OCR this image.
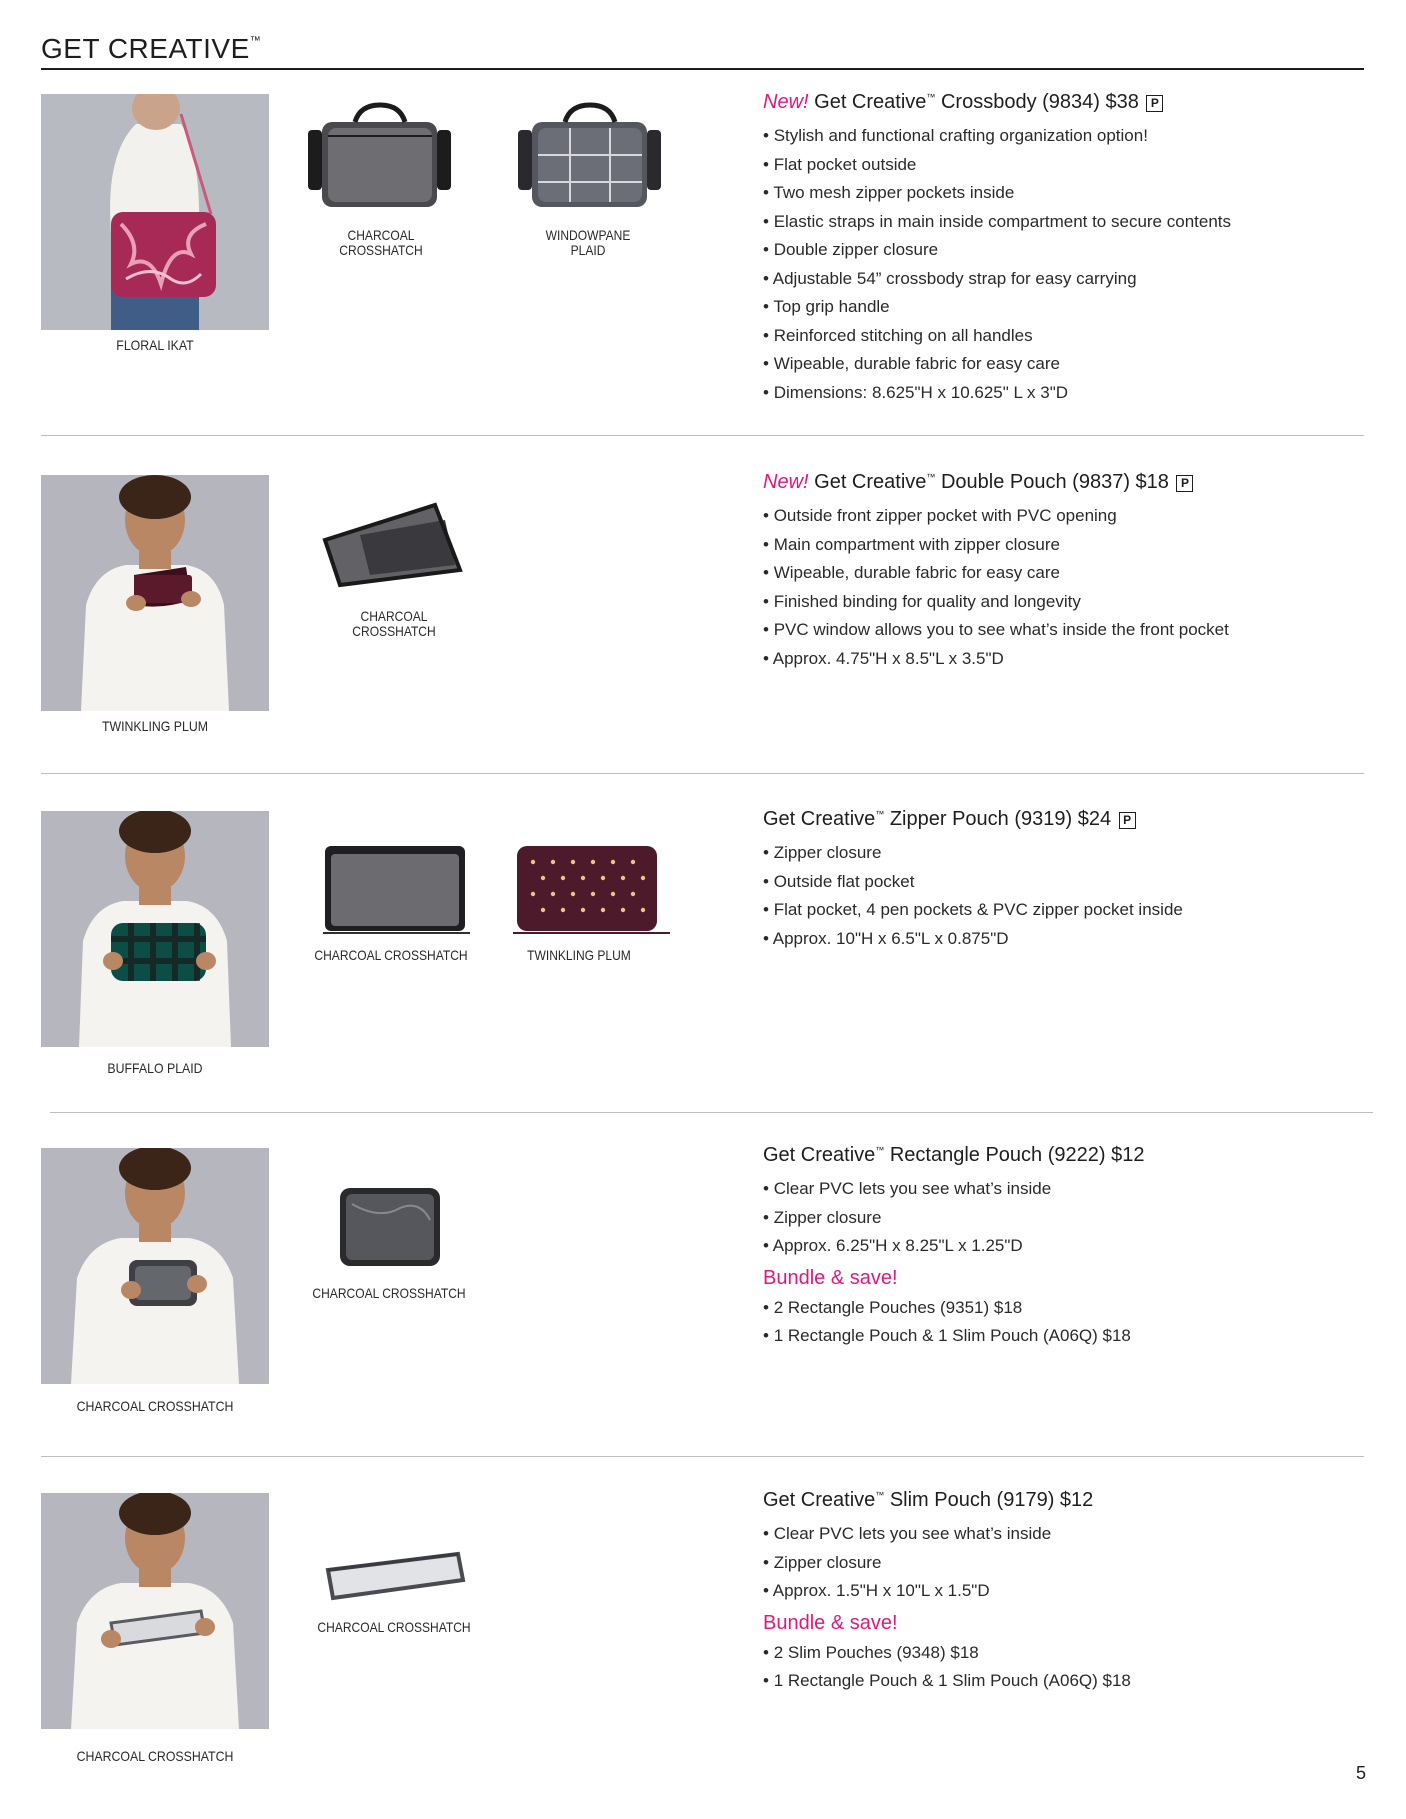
GET CREATIVE™
FLORAL IKAT
CHARCOAL
CROSSHATCH
WINDOWPANE
PLAID
New! Get Creative™ Crossbody (9834) $38 P
• Stylish and functional crafting organization option!
• Flat pocket outside
• Two mesh zipper pockets inside
• Elastic straps in main inside compartment to secure contents
• Double zipper closure
• Adjustable 54” crossbody strap for easy carrying
• Top grip handle
• Reinforced stitching on all handles
• Wipeable, durable fabric for easy care
• Dimensions: 8.625"H x 10.625" L x 3"D
TWINKLING PLUM
CHARCOAL
CROSSHATCH
New! Get Creative™ Double Pouch (9837) $18 P
• Outside front zipper pocket with PVC opening
• Main compartment with zipper closure
• Wipeable, durable fabric for easy care
• Finished binding for quality and longevity
• PVC window allows you to see what’s inside the front pocket
• Approx. 4.75"H x 8.5"L x 3.5"D
BUFFALO PLAID
CHARCOAL CROSSHATCH	TWINKLING PLUM
Get Creative™ Zipper Pouch (9319) $24 P
• Zipper closure
• Outside flat pocket
• Flat pocket, 4 pen pockets & PVC zipper pocket inside
• Approx. 10"H x 6.5"L x 0.875"D
CHARCOAL CROSSHATCH
CHARCOAL CROSSHATCH
Get Creative™ Rectangle Pouch (9222) $12
• Clear PVC lets you see what’s inside
• Zipper closure
• Approx. 6.25"H x 8.25"L x 1.25"D
Bundle & save!
• 2 Rectangle Pouches (9351) $18
• 1 Rectangle Pouch & 1 Slim Pouch (A06Q) $18
CHARCOAL CROSSHATCH
CHARCOAL CROSSHATCH
Get Creative™ Slim Pouch (9179) $12
• Clear PVC lets you see what’s inside
• Zipper closure
• Approx. 1.5"H x 10"L x 1.5"D
Bundle & save!
• 2 Slim Pouches (9348) $18
• 1 Rectangle Pouch & 1 Slim Pouch (A06Q) $18
5
